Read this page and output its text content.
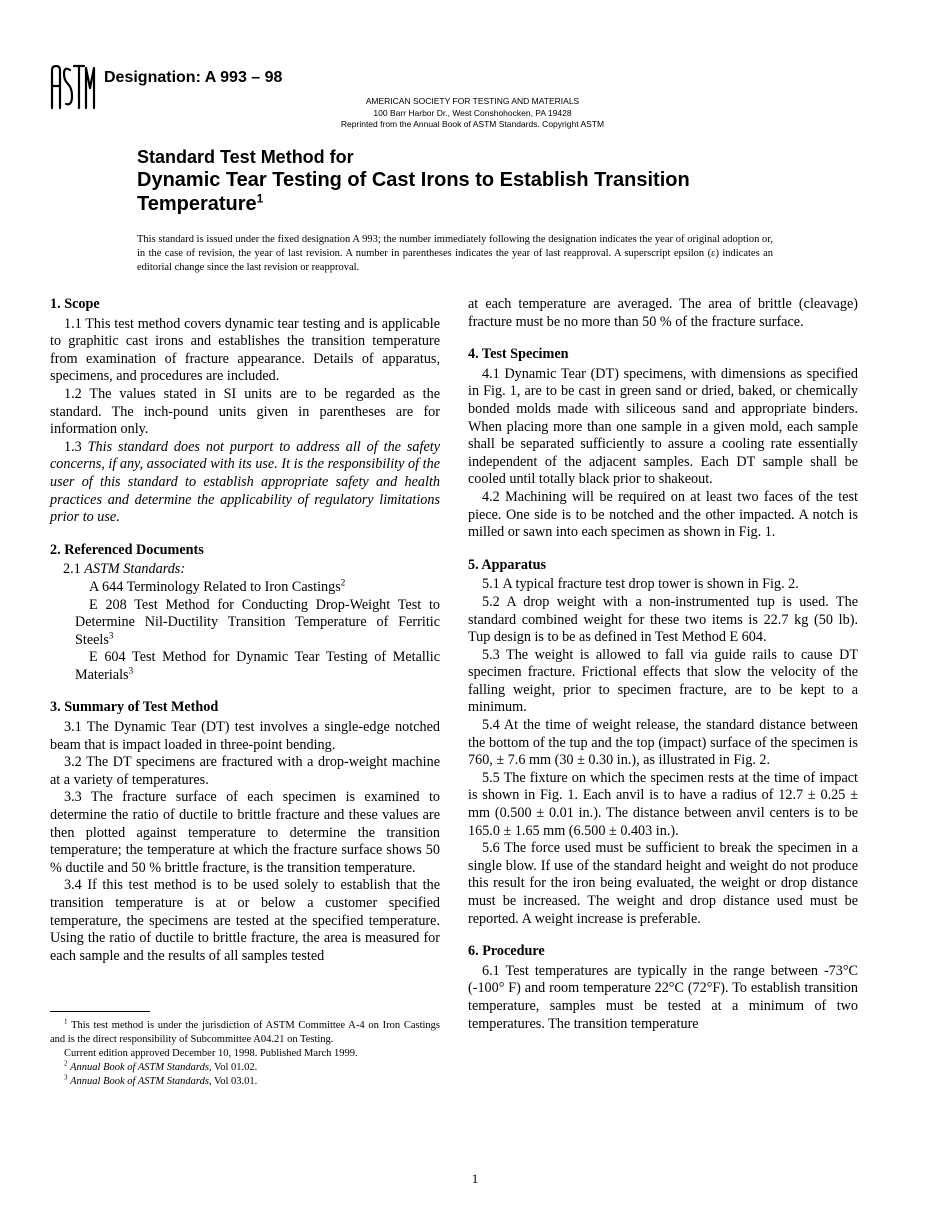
ASTM
Designation: A 993 – 98
AMERICAN SOCIETY FOR TESTING AND MATERIALS
100 Barr Harbor Dr., West Conshohocken, PA 19428
Reprinted from the Annual Book of ASTM Standards. Copyright ASTM
Standard Test Method for
Dynamic Tear Testing of Cast Irons to Establish Transition
Temperature$^1$
This standard is issued under the fixed designation A 993; the number immediately following the designation indicates the year of original adoption or, in the case of revision, the year of last revision. A number in parentheses indicates the year of last reapproval. A superscript epsilon (ε) indicates an editorial change since the last revision or reapproval.
1. Scope

1.1 This test method covers dynamic tear testing and is applicable to graphitic cast irons and establishes the transition temperature from examination of fracture appearance. Details of apparatus, specimens, and procedures are included.

1.2 The values stated in SI units are to be regarded as the standard. The inch-pound units given in parentheses are for information only.

1.3 This standard does not purport to address all of the safety concerns, if any, associated with its use. It is the responsibility of the user of this standard to establish appropriate safety and health practices and determine the applicability of regulatory limitations prior to use.

2. Referenced Documents

2.1 ASTM Standards:

A 644 Terminology Related to Iron Castings$^2$

E 208 Test Method for Conducting Drop-Weight Test to Determine Nil-Ductility Transition Temperature of Ferritic Steels$^3$

E 604 Test Method for Dynamic Tear Testing of Metallic Materials$^3$

3. Summary of Test Method

3.1 The Dynamic Tear (DT) test involves a single-edge notched beam that is impact loaded in three-point bending.

3.2 The DT specimens are fractured with a drop-weight machine at a variety of temperatures.

3.3 The fracture surface of each specimen is examined to determine the ratio of ductile to brittle fracture and these values are then plotted against temperature to determine the transition temperature; the temperature at which the fracture surface shows 50 % ductile and 50 % brittle fracture, is the transition temperature.

3.4 If this test method is to be used solely to establish that the transition temperature is at or below a customer specified temperature, the specimens are tested at the specified temperature. Using the ratio of ductile to brittle fracture, the area is measured for each sample and the results of all samples tested

$^1$ This test method is under the jurisdiction of ASTM Committee A-4 on Iron Castings and is the direct responsibility of Subcommittee A04.21 on Testing.

Current edition approved December 10, 1998. Published March 1999.

$^2$ Annual Book of ASTM Standards, Vol 01.02.

$^3$ Annual Book of ASTM Standards, Vol 03.01.

at each temperature are averaged. The area of brittle (cleavage) fracture must be no more than 50 % of the fracture surface.

4. Test Specimen

4.1 Dynamic Tear (DT) specimens, with dimensions as specified in Fig. 1, are to be cast in green sand or dried, baked, or chemically bonded molds made with siliceous sand and appropriate binders. When placing more than one sample in a given mold, each sample shall be separated sufficiently to assure a cooling rate essentially independent of the adjacent samples. Each DT sample shall be cooled until totally black prior to shakeout.

4.2 Machining will be required on at least two faces of the test piece. One side is to be notched and the other impacted. A notch is milled or sawn into each specimen as shown in Fig. 1.

5. Apparatus

5.1 A typical fracture test drop tower is shown in Fig. 2.

5.2 A drop weight with a non-instrumented tup is used. The standard combined weight for these two items is 22.7 kg (50 lb). Tup design is to be as defined in Test Method E 604.

5.3 The weight is allowed to fall via guide rails to cause DT specimen fracture. Frictional effects that slow the velocity of the falling weight, prior to specimen fracture, are to be kept to a minimum.

5.4 At the time of weight release, the standard distance between the bottom of the tup and the top (impact) surface of the specimen is 760, ± 7.6 mm (30 ± 0.30 in.), as illustrated in Fig. 2.

5.5 The fixture on which the specimen rests at the time of impact is shown in Fig. 1. Each anvil is to have a radius of 12.7 ± 0.25 ± mm (0.500 ± 0.01 in.). The distance between anvil centers is to be 165.0 ± 1.65 mm (6.500 ± 0.403 in.).

5.6 The force used must be sufficient to break the specimen in a single blow. If use of the standard height and weight do not produce this result for the iron being evaluated, the weight or drop distance must be increased. The weight and drop distance used must be reported. A weight increase is preferable.

6. Procedure

6.1 Test temperatures are typically in the range between -73°C (-100° F) and room temperature 22°C (72°F). To establish transition temperature, samples must be tested at a minimum of two temperatures. The transition temperature

1
